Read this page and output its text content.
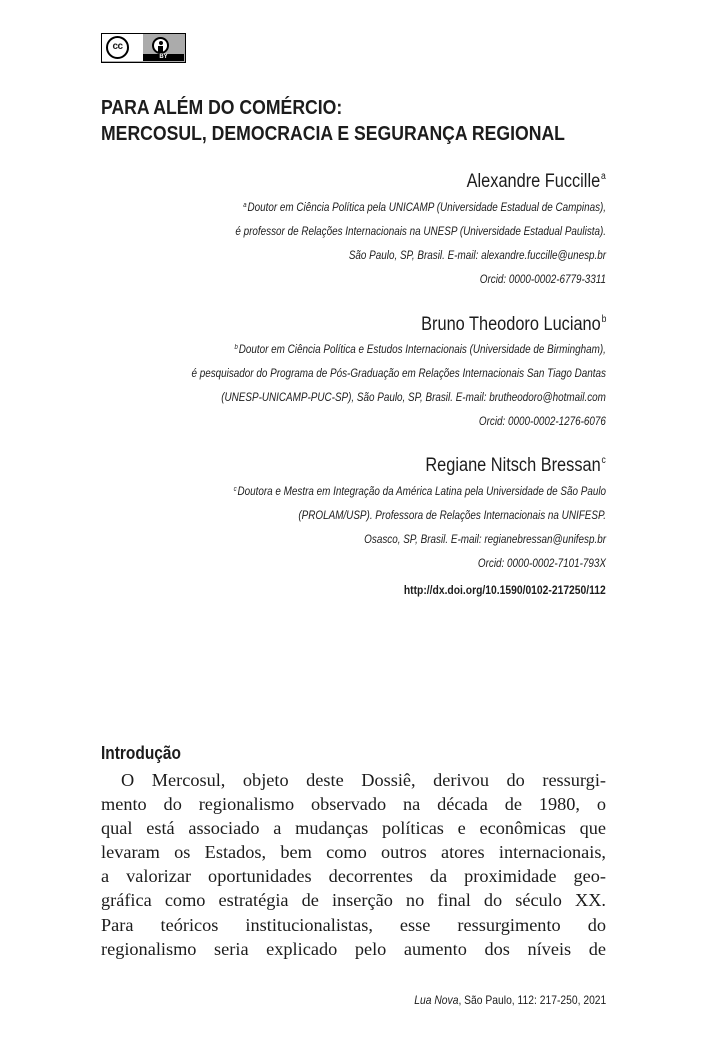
cc
BY
PARA ALÉM DO COMÉRCIO:
MERCOSUL, DEMOCRACIA E SEGURANÇA REGIONAL
Alexandre Fuccille$^a$
$^a$Doutor em Ciência Política pela UNICAMP (Universidade Estadual de Campinas),
é professor de Relações Internacionais na UNESP (Universidade Estadual Paulista).
São Paulo, SP, Brasil. E-mail: alexandre.fuccille@unesp.br
Orcid: 0000-0002-6779-3311
Bruno Theodoro Luciano$^b$
$^b$Doutor em Ciência Política e Estudos Internacionais (Universidade de Birmingham),
é pesquisador do Programa de Pós-Graduação em Relações Internacionais San Tiago Dantas
(UNESP-UNICAMP-PUC-SP), São Paulo, SP, Brasil. E-mail: brutheodoro@hotmail.com
Orcid: 0000-0002-1276-6076
Regiane Nitsch Bressan$^c$
$^c$Doutora e Mestra em Integração da América Latina pela Universidade de São Paulo
(PROLAM/USP). Professora de Relações Internacionais na UNIFESP.
Osasco, SP, Brasil. E-mail: regianebressan@unifesp.br
Orcid: 0000-0002-7101-793X
http://dx.doi.org/10.1590/0102-217250/112
Introdução
O Mercosul, objeto deste Dossiê, derivou do ressurgi-
mento do regionalismo observado na década de 1980, o
qual está associado a mudanças políticas e econômicas que
levaram os Estados, bem como outros atores internacionais,
a valorizar oportunidades decorrentes da proximidade geo-
gráfica como estratégia de inserção no final do século XX.
Para teóricos institucionalistas, esse ressurgimento do
regionalismo seria explicado pelo aumento dos níveis de
Lua Nova, São Paulo, 112: 217-250, 2021
